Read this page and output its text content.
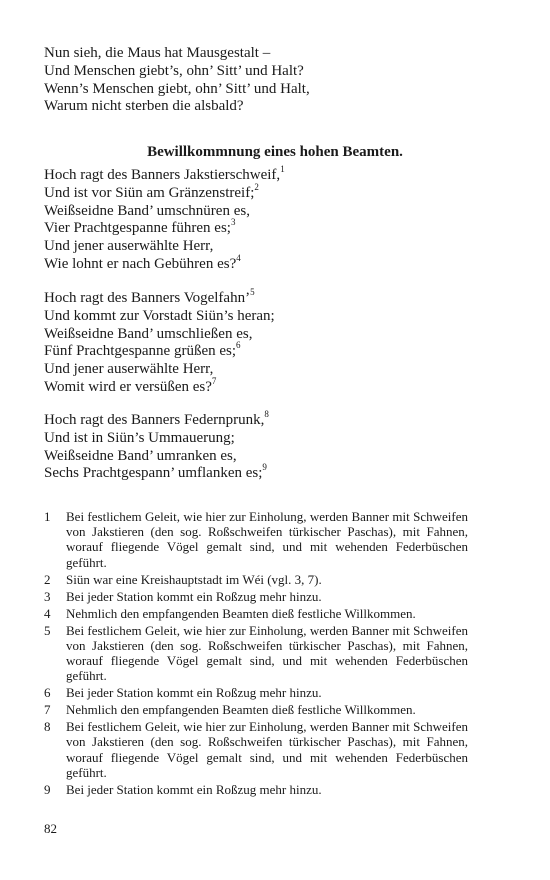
Nun sieh, die Maus hat Mausgestalt –
Und Menschen giebt’s, ohn’ Sitt’ und Halt?
Wenn’s Menschen giebt, ohn’ Sitt’ und Halt,
Warum nicht sterben die alsbald?
Bewillkommnung eines hohen Beamten.
Hoch ragt des Banners Jakstierschweif,$^1$
Und ist vor Siün am Gränzenstreif;$^2$
Weißseidne Band’ umschnüren es,
Vier Prachtgespanne führen es;$^3$
Und jener auserwählte Herr,
Wie lohnt er nach Gebühren es?$^4$
Hoch ragt des Banners Vogelfahn’$^5$
Und kommt zur Vorstadt Siün’s heran;
Weißseidne Band’ umschließen es,
Fünf Prachtgespanne grüßen es;$^6$
Und jener auserwählte Herr,
Womit wird er versüßen es?$^7$
Hoch ragt des Banners Federnprunk,$^8$
Und ist in Siün’s Ummauerung;
Weißseidne Band’ umranken es,
Sechs Prachtgespann’ umflanken es;$^9$
1	Bei festlichem Geleit, wie hier zur Einholung, werden Banner mit Schweifen von Jakstieren (den sog. Roßschweifen türkischer Paschas), mit Fahnen, worauf fliegende Vögel gemalt sind, und mit wehenden Federbüschen geführt.
2	Siün war eine Kreishauptstadt im Wéi (vgl. 3, 7).
3	Bei jeder Station kommt ein Roßzug mehr hinzu.
4	Nehmlich den empfangenden Beamten dieß festliche Willkommen.
5	Bei festlichem Geleit, wie hier zur Einholung, werden Banner mit Schweifen von Jakstieren (den sog. Roßschweifen türkischer Paschas), mit Fahnen, worauf fliegende Vögel gemalt sind, und mit wehenden Federbüschen geführt.
6	Bei jeder Station kommt ein Roßzug mehr hinzu.
7	Nehmlich den empfangenden Beamten dieß festliche Willkommen.
8	Bei festlichem Geleit, wie hier zur Einholung, werden Banner mit Schweifen von Jakstieren (den sog. Roßschweifen türkischer Paschas), mit Fahnen, worauf fliegende Vögel gemalt sind, und mit wehenden Federbüschen geführt.
9	Bei jeder Station kommt ein Roßzug mehr hinzu.
82
